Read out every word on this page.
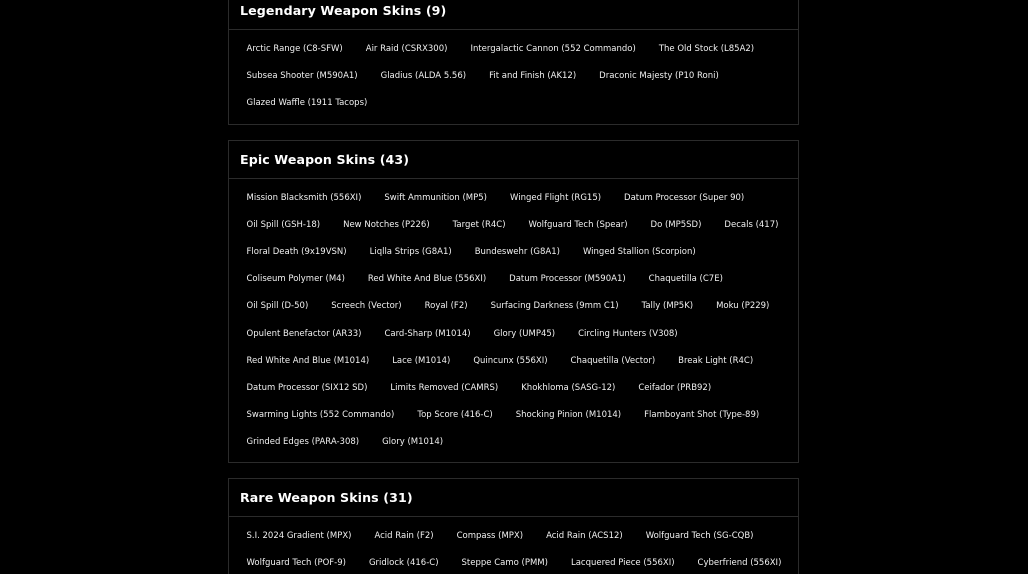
Legendary Weapon Skins (9)
Arctic Range (C8-SFW)	Air Raid (CSRX300)	Intergalactic Cannon (552 Commando)	The Old Stock (L85A2)
Subsea Shooter (M590A1)	Gladius (ALDA 5.56)	Fit and Finish (AK12)	Draconic Majesty (P10 Roni)
Glazed Waffle (1911 Tacops)
Epic Weapon Skins (43)
Mission Blacksmith (556XI)	Swift Ammunition (MP5)	Winged Flight (RG15)	Datum Processor (Super 90)
Oil Spill (GSH-18)	New Notches (P226)	Target (R4C)	Wolfguard Tech (Spear)	Do (MP5SD)	Decals (417)
Floral Death (9x19VSN)	Liqlla Strips (G8A1)	Bundeswehr (G8A1)	Winged Stallion (Scorpion)
Coliseum Polymer (M4)	Red White And Blue (556XI)	Datum Processor (M590A1)	Chaquetilla (C7E)
Oil Spill (D-50)	Screech (Vector)	Royal (F2)	Surfacing Darkness (9mm C1)	Tally (MP5K)	Moku (P229)
Opulent Benefactor (AR33)	Card-Sharp (M1014)	Glory (UMP45)	Circling Hunters (V308)
Red White And Blue (M1014)	Lace (M1014)	Quincunx (556XI)	Chaquetilla (Vector)	Break Light (R4C)
Datum Processor (SIX12 SD)	Limits Removed (CAMRS)	Khokhloma (SASG-12)	Ceifador (PRB92)
Swarming Lights (552 Commando)	Top Score (416-C)	Shocking Pinion (M1014)	Flamboyant Shot (Type-89)
Grinded Edges (PARA-308)	Glory (M1014)
Rare Weapon Skins (31)
S.I. 2024 Gradient (MPX)	Acid Rain (F2)	Compass (MPX)	Acid Rain (ACS12)	Wolfguard Tech (SG-CQB)
Wolfguard Tech (POF-9)	Gridlock (416-C)	Steppe Camo (PMM)	Lacquered Piece (556XI)	Cyberfriend (556XI)
